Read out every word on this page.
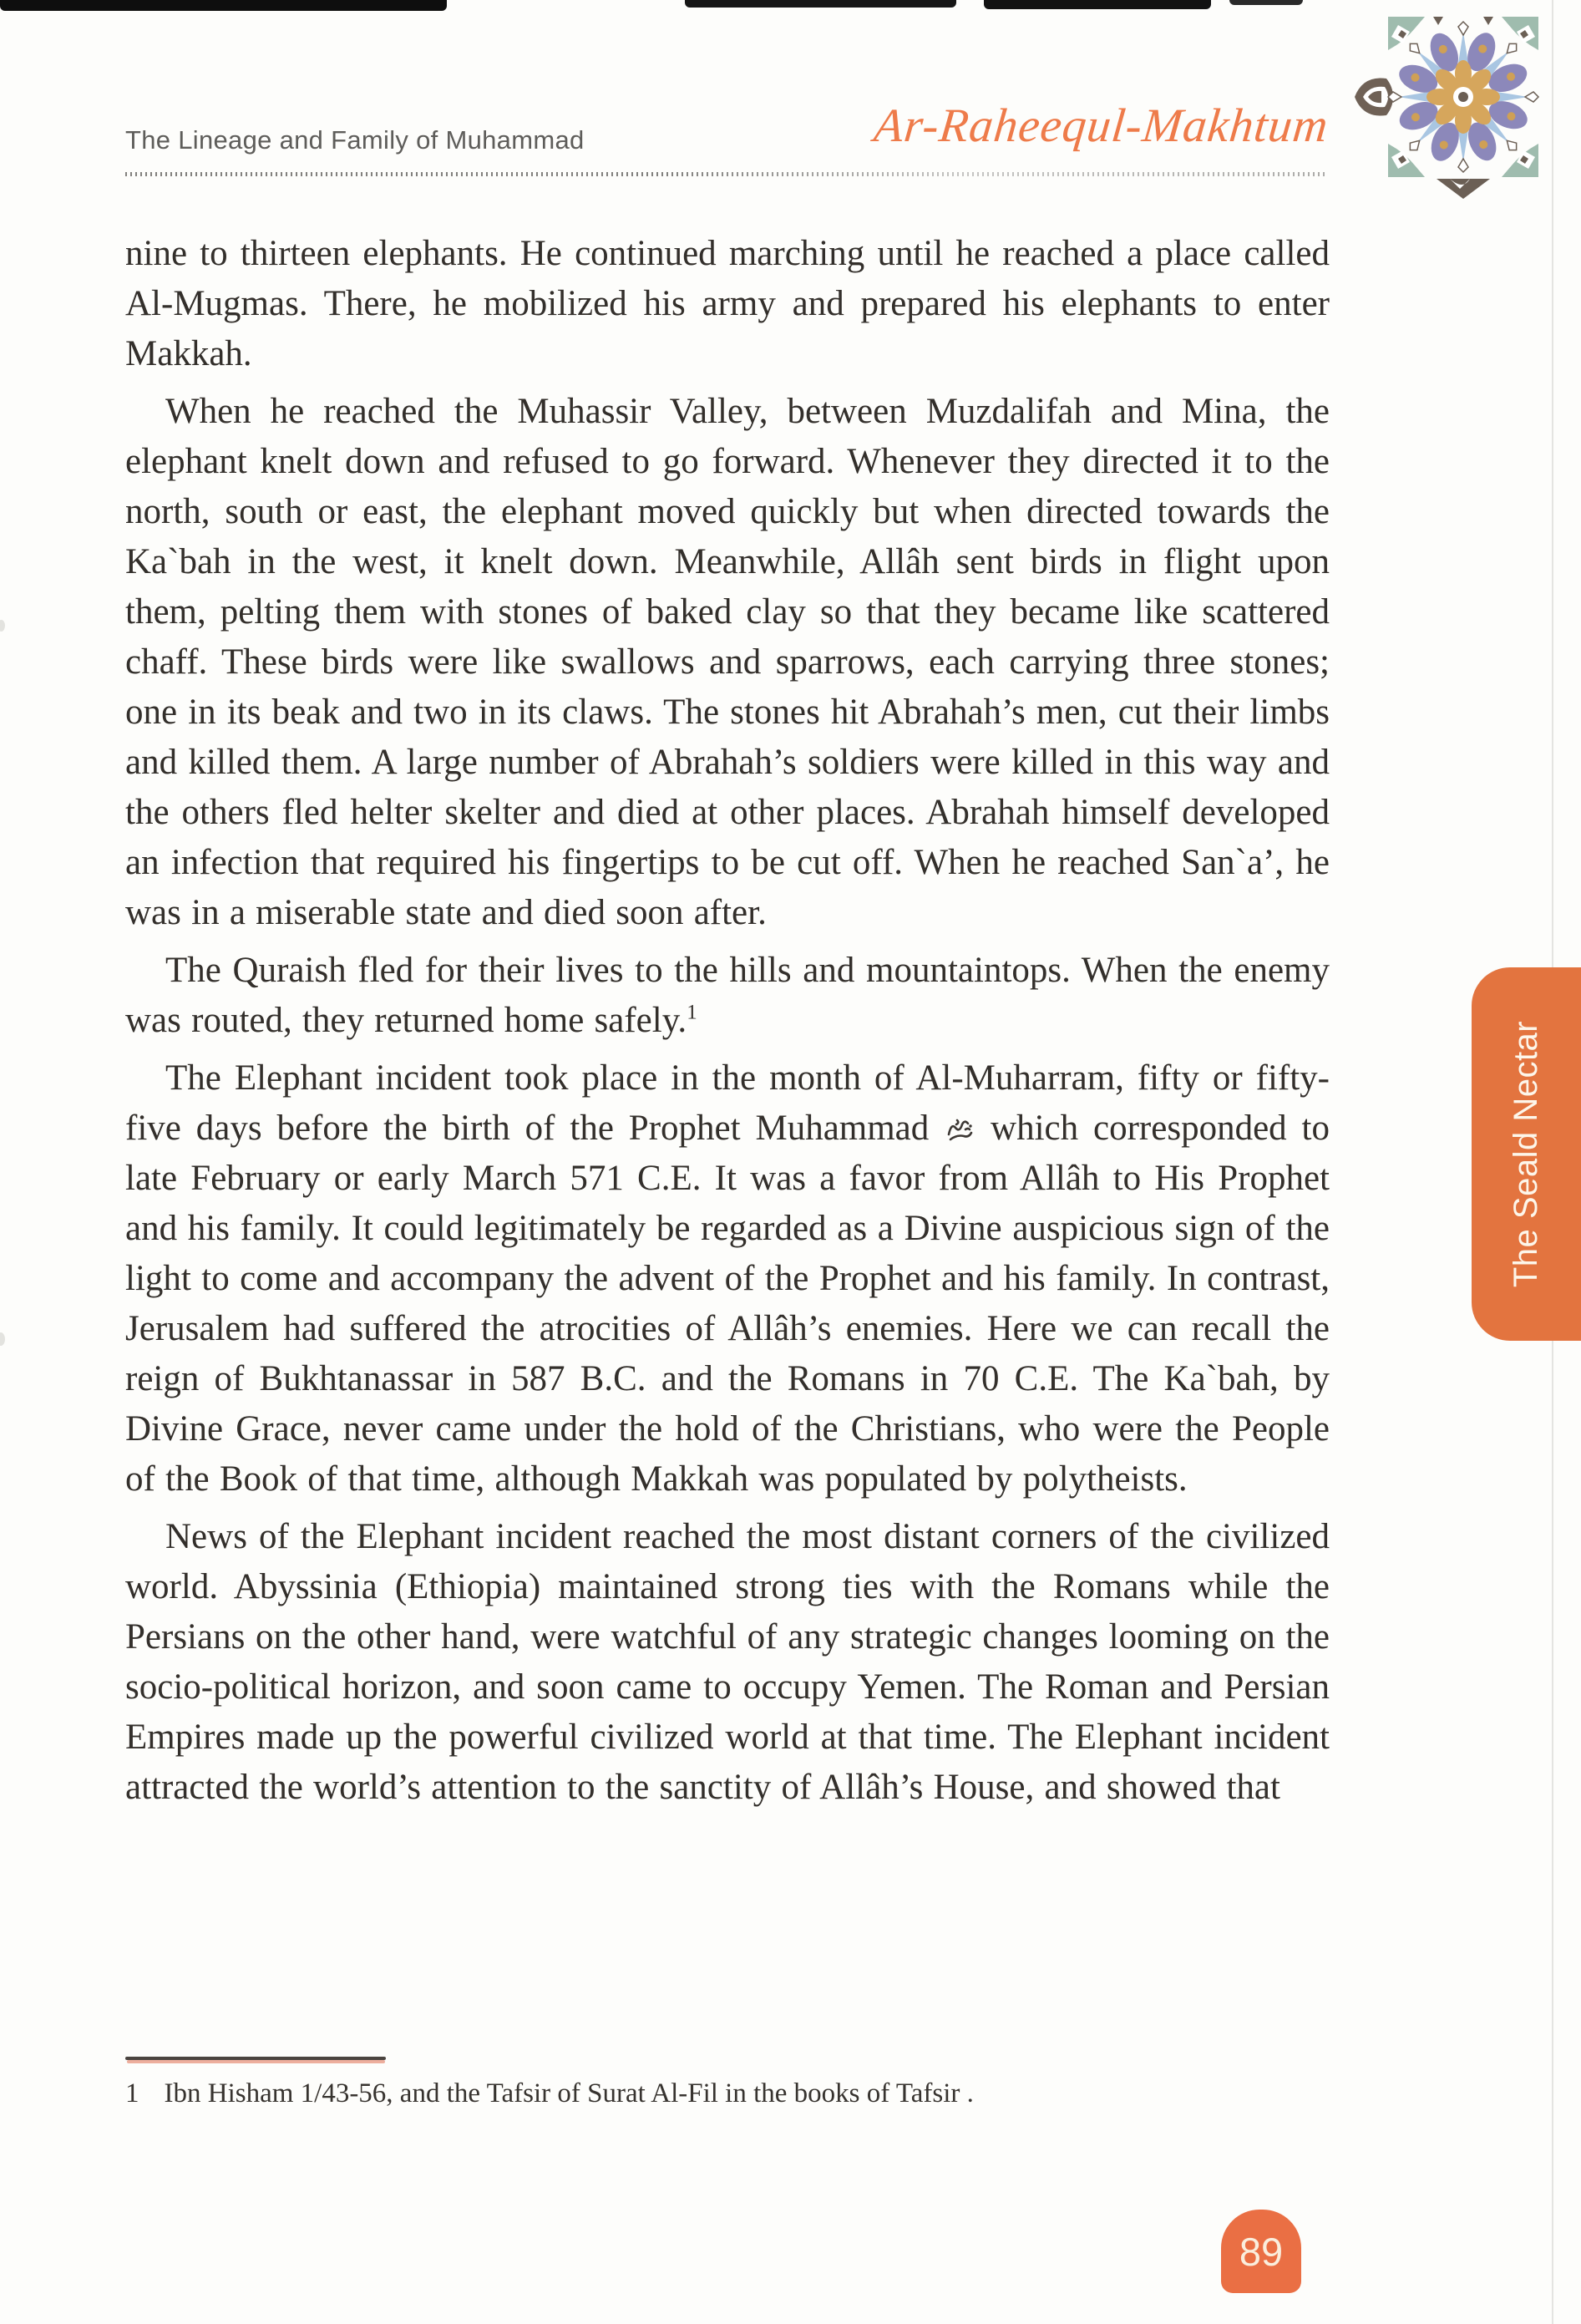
The Lineage and Family of Muhammad	Ar-Raheequl-Makhtum

nine to thirteen elephants. He continued marching until he reached a place called Al-Mugmas. There, he mobilized his army and prepared his elephants to enter Makkah.

When he reached the Muhassir Valley, between Muzdalifah and Mina, the elephant knelt down and refused to go forward. Whenever they directed it to the north, south or east, the elephant moved quickly but when directed towards the Ka`bah in the west, it knelt down. Meanwhile, Allâh sent birds in flight upon them, pelting them with stones of baked clay so that they became like scattered chaff. These birds were like swallows and sparrows, each carrying three stones; one in its beak and two in its claws. The stones hit Abrahah’s men, cut their limbs and killed them. A large number of Abrahah’s soldiers were killed in this way and the others fled helter skelter and died at other places. Abrahah himself developed an infection that required his fingertips to be cut off. When he reached San`a’, he was in a miserable state and died soon after.

The Quraish fled for their lives to the hills and mountaintops. When the enemy was routed, they returned home safely.$^1$

The Elephant incident took place in the month of Al-Muharram, fifty or fifty-five days before the birth of the Prophet Muhammad  which corresponded to late February or early March 571 C.E. It was a favor from Allâh to His Prophet and his family. It could legitimately be regarded as a Divine auspicious sign of the light to come and accompany the advent of the Prophet and his family. In contrast, Jerusalem had suffered the atrocities of Allâh’s enemies. Here we can recall the reign of Bukhtanassar in 587 B.C. and the Romans in 70 C.E. The Ka`bah, by Divine Grace, never came under the hold of the Christians, who were the People of the Book of that time, although Makkah was populated by polytheists.

News of the Elephant incident reached the most distant corners of the civilized world. Abyssinia (Ethiopia) maintained strong ties with the Romans while the Persians on the other hand, were watchful of any strategic changes looming on the socio-political horizon, and soon came to occupy Yemen. The Roman and Persian Empires made up the powerful civilized world at that time. The Elephant incident attracted the world’s attention to the sanctity of Allâh’s House, and showed that

1 Ibn Hisham 1/43-56, and the Tafsir of Surat Al-Fil in the books of Tafsir .
The Seald Nectar
89
